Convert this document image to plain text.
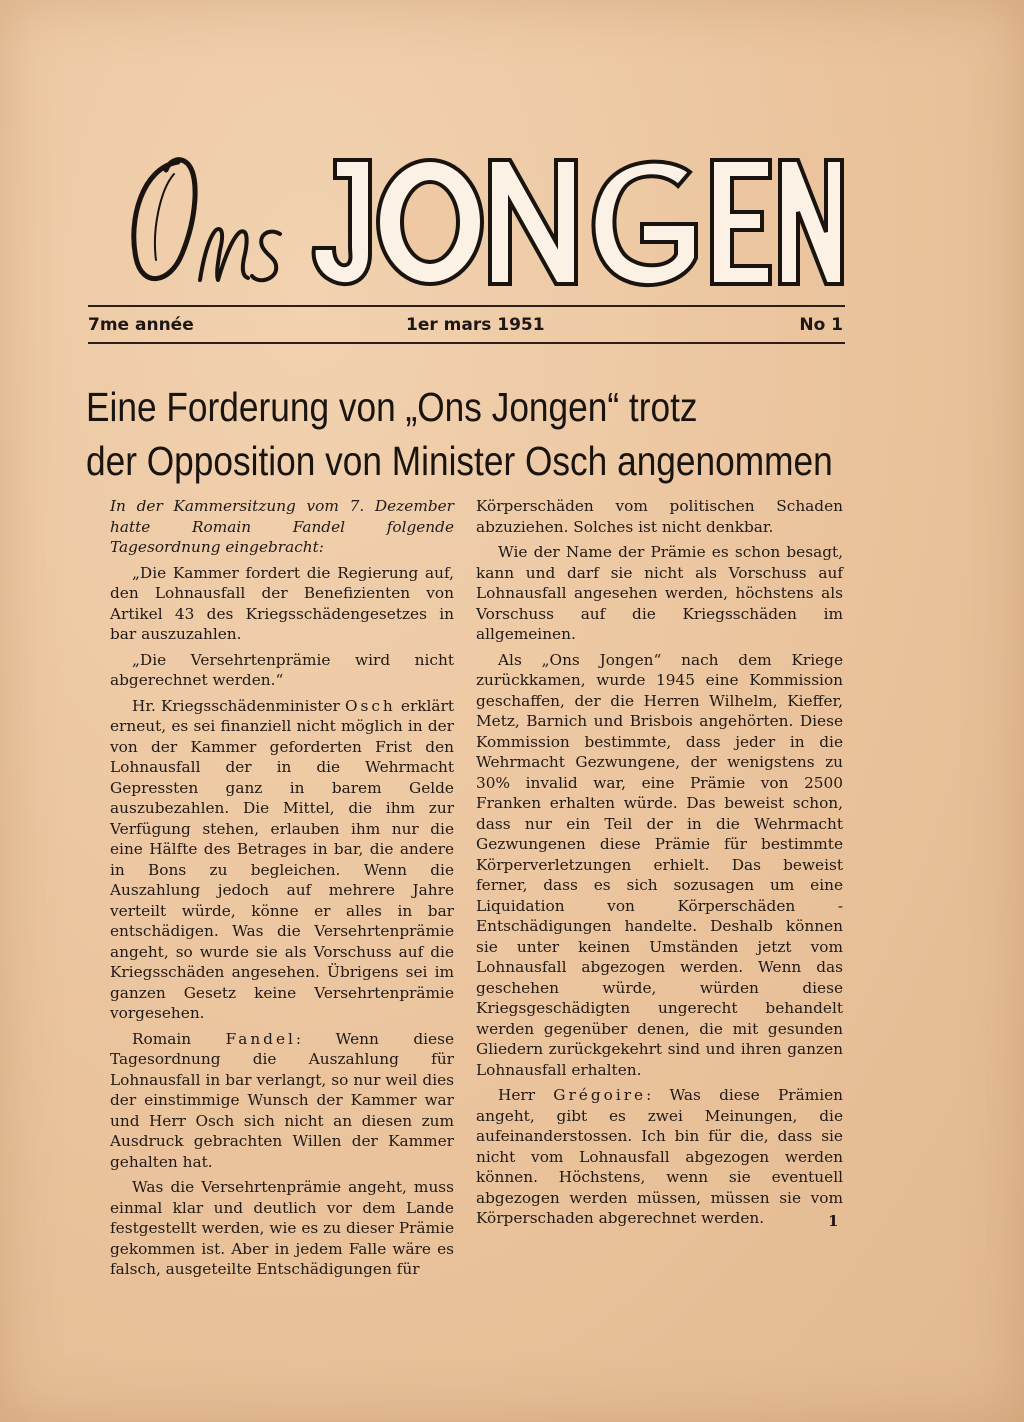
7me année	1er mars 1951	No 1
Eine Forderung von „Ons Jongen“ trotz
der Opposition von Minister Osch angenommen

In der Kammersitzung vom 7. Dezember hatte Romain Fandel folgende Tagesordnung eingebracht:

„Die Kammer fordert die Regierung auf, den Lohnausfall der Benefizienten von Artikel 43 des Kriegsschädengesetzes in bar auszuzahlen.

„Die Versehrtenprämie wird nicht abgerechnet werden.“

Hr. Kriegsschädenminister Osch erklärt erneut, es sei finanziell nicht möglich in der von der Kammer geforderten Frist den Lohnausfall der in die Wehrmacht Gepressten ganz in barem Gelde auszubezahlen. Die Mittel, die ihm zur Verfügung stehen, erlauben ihm nur die eine Hälfte des Betrages in bar, die andere in Bons zu begleichen. Wenn die Auszahlung jedoch auf mehrere Jahre verteilt würde, könne er alles in bar entschädigen. Was die Versehrtenprämie angeht, so wurde sie als Vorschuss auf die Kriegsschäden angesehen. Übrigens sei im ganzen Gesetz keine Versehrtenprämie vorgesehen.

Romain Fandel: Wenn diese Tagesordnung die Auszahlung für Lohnausfall in bar verlangt, so nur weil dies der einstimmige Wunsch der Kammer war und Herr Osch sich nicht an diesen zum Ausdruck gebrachten Willen der Kammer gehalten hat.

Was die Versehrtenprämie angeht, muss einmal klar und deutlich vor dem Lande festgestellt werden, wie es zu dieser Prämie gekommen ist. Aber in jedem Falle wäre es falsch, ausgeteilte Entschädigungen für

Körperschäden vom politischen Schaden abzuziehen. Solches ist nicht denkbar.

Wie der Name der Prämie es schon besagt, kann und darf sie nicht als Vorschuss auf Lohnausfall angesehen werden, höchstens als Vorschuss auf die Kriegsschäden im allgemeinen.

Als „Ons Jongen“ nach dem Kriege zurückkamen, wurde 1945 eine Kommission geschaffen, der die Herren Wilhelm, Kieffer, Metz, Barnich und Brisbois angehörten. Diese Kommission bestimmte, dass jeder in die Wehrmacht Gezwungene, der wenigstens zu 30% invalid war, eine Prämie von 2500 Franken erhalten würde. Das beweist schon, dass nur ein Teil der in die Wehrmacht Gezwungenen diese Prämie für bestimmte Körperverletzungen erhielt. Das beweist ferner, dass es sich sozusagen um eine Liquidation von Körperschäden - Entschädigungen handelte. Deshalb können sie unter keinen Umständen jetzt vom Lohnausfall abgezogen werden. Wenn das geschehen würde, würden diese Kriegsgeschädigten ungerecht behandelt werden gegenüber denen, die mit gesunden Gliedern zurückgekehrt sind und ihren ganzen Lohnausfall erhalten.

Herr Grégoire: Was diese Prämien angeht, gibt es zwei Meinungen, die aufeinanderstossen. Ich bin für die, dass sie nicht vom Lohnausfall abgezogen werden können. Höchstens, wenn sie eventuell abgezogen werden müssen, müssen sie vom Körperschaden abgerechnet werden.	1
